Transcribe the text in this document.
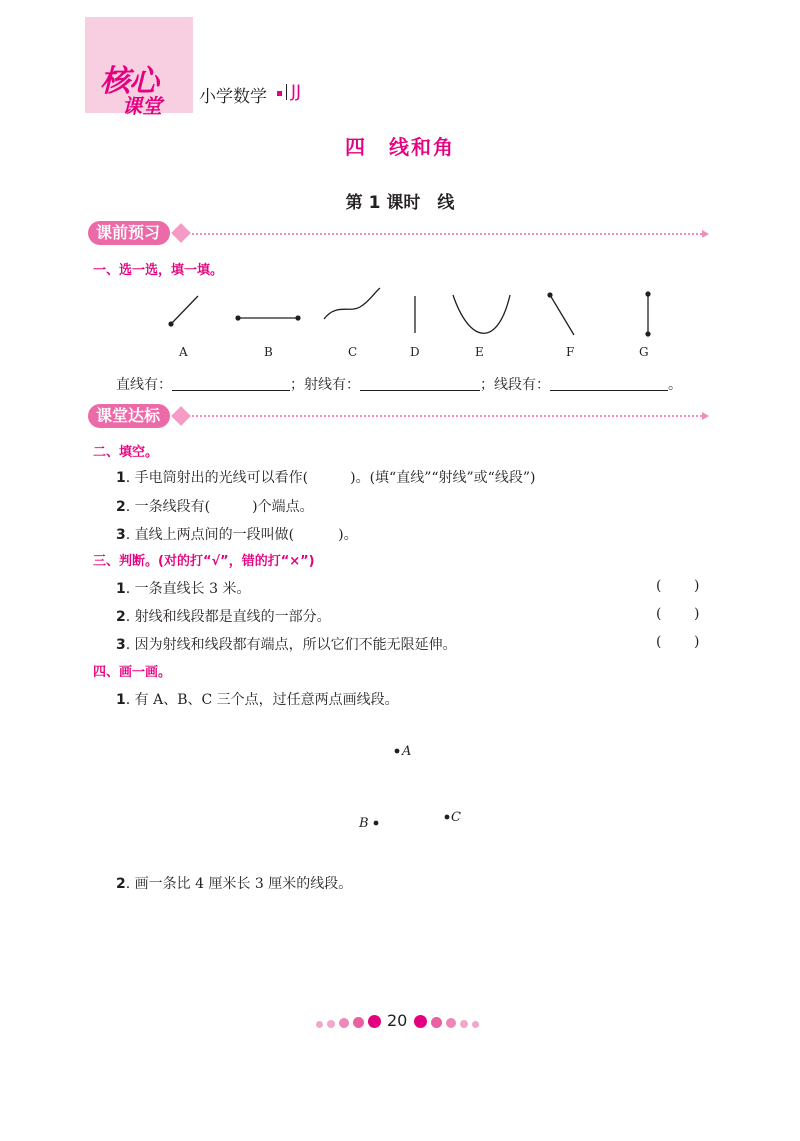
核心
课堂 小学数学 JJ
四　线和角
第 1 课时　线
课前预习
一、选一选，填一填。
A	B	C	D	E	F	G
直线有：	；射线有：	；线段有：	。
课堂达标
二、填空。
1. 手电筒射出的光线可以看作(	)。(填“直线”“射线”或“线段”)
2. 一条线段有(	)个端点。
3. 直线上两点间的一段叫做(	)。
三、判断。(对的打“√”，错的打“×”)
1. 一条直线长 3 米。	( )
2. 射线和线段都是直线的一部分。	( )
3. 因为射线和线段都有端点，所以它们不能无限延伸。	( )
四、画一画。
1. 有 A、B、C 三个点，过任意两点画线段。
A
B	C
2. 画一条比 4 厘米长 3 厘米的线段。
20
